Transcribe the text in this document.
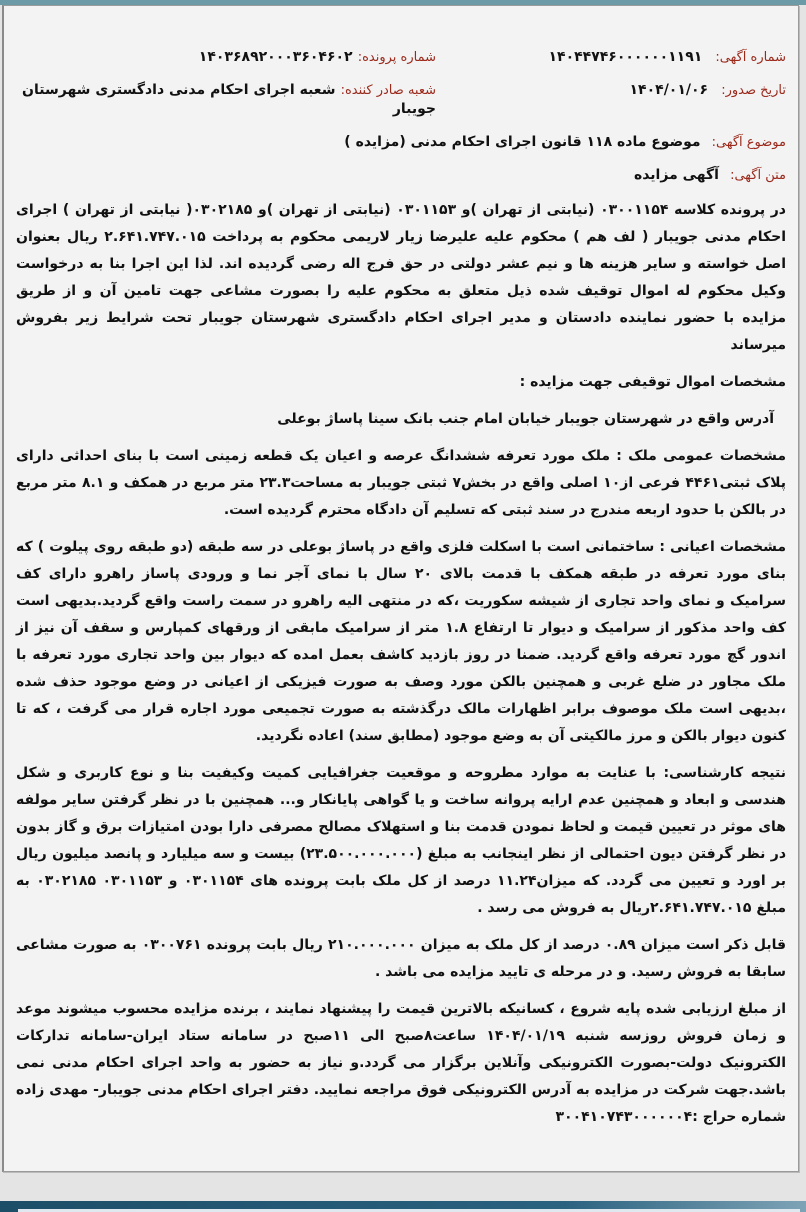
شماره آگهی: ۱۴۰۴۴۷۴۶۰۰۰۰۰۰۱۱۹۱
شماره پرونده: ۱۴۰۳۶۸۹۲۰۰۰۳۶۰۴۶۰۲
تاریخ صدور: ۱۴۰۴/۰۱/۰۶
شعبه صادر کننده: شعبه اجرای احکام مدنی دادگستری شهرستان جویبار
موضوع آگهی: موضوع ماده ۱۱۸ قانون اجرای احکام مدنی (مزایده )
متن آگهی: آگهی مزایده
در پرونده کلاسه ۰۳۰۰۱۱۵۴ (نیابتی از تهران )و ۰۳۰۱۱۵۳ (نیابتی از تهران )و ۰۳۰۲۱۸۵( نیابتی از تهران ) اجرای احکام مدنی جویبار ( لف هم ) محکوم علیه علیرضا زیار لاریمی محکوم به پرداخت ۲.۶۴۱.۷۴۷.۰۱۵ ریال بعنوان اصل خواسته و سایر هزینه ها و نیم عشر دولتی در حق فرج اله رضی گردیده اند. لذا این اجرا بنا به درخواست وکیل محکوم له اموال توقیف شده ذیل متعلق به محکوم علیه را بصورت مشاعی جهت تامین آن و از طریق مزایده با حضور نماینده دادستان و مدیر اجرای احکام دادگستری شهرستان جویبار تحت شرایط زیر بفروش میرساند
مشخصات اموال توقیفی جهت مزایده :
آدرس واقع در شهرستان جویبار خیابان امام جنب بانک سینا پاساژ بوعلی
مشخصات عمومی ملک : ملک مورد تعرفه ششدانگ عرصه و اعیان یک قطعه زمینی است با بنای احداثی دارای پلاک ثبتی۴۴۶۱ فرعی از۱۰ اصلی واقع در بخش۷ ثبتی جویبار به مساحت۲۳.۳ متر مربع در همکف و ۸.۱ متر مربع در بالکن با حدود اربعه مندرج در سند ثبتی که تسلیم آن دادگاه محترم گردیده است.
مشخصات اعیانی : ساختمانی است با اسکلت فلزی واقع در پاساژ بوعلی در سه طبقه (دو طبقه روی پیلوت ) که بنای مورد تعرفه در طبقه همکف با قدمت بالای ۲۰ سال با نمای آجر نما و ورودی پاساز راهرو دارای کف سرامیک و نمای واحد تجاری از شیشه سکوریت ،که در منتهی الیه راهرو در سمت راست واقع گردید.بدیهی است کف واحد مذکور از سرامیک و دیوار تا ارتفاع ۱.۸ متر از سرامیک مابقی از ورقهای کمپارس و سقف آن نیز از اندور گچ مورد تعرفه واقع گردید. ضمنا در روز بازدید کاشف بعمل امده که دیوار بین واحد تجاری مورد تعرفه با ملک مجاور در ضلع غربی و همچنین بالکن مورد وصف به صورت فیزیکی از اعیانی در وضع موجود حذف شده ،بدیهی است ملک موصوف برابر اظهارات مالک درگذشته به صورت تجمیعی مورد اجاره قرار می گرفت ، که تا کنون دیوار بالکن و مرز مالکیتی آن به وضع موجود (مطابق سند) اعاده نگردید.
نتیجه کارشناسی: با عنایت به موارد مطروحه و موقعیت جغرافیایی کمیت وکیفیت بنا و نوع کاربری و شکل هندسی و ابعاد و همچنین عدم ارایه پروانه ساخت و یا گواهی پایانکار و... همچنین با در نظر گرفتن سایر مولفه های موثر در تعیین قیمت و لحاظ نمودن قدمت بنا و استهلاک مصالح مصرفی دارا بودن امتیازات برق و گاز بدون در نظر گرفتن دیون احتمالی از نظر اینجانب به مبلغ (۲۳.۵۰۰.۰۰۰.۰۰۰) بیست و سه میلیارد و پانصد میلیون ریال بر اورد و تعیین می گردد. که میزان۱۱.۲۴ درصد از کل ملک بابت پرونده های ۰۳۰۱۱۵۴ و ۰۳۰۱۱۵۳ ۰۳۰۲۱۸۵ به مبلغ ۲.۶۴۱.۷۴۷.۰۱۵ریال به فروش می رسد .
قابل ذکر است میزان ۰.۸۹ درصد از کل ملک به میزان ۲۱۰.۰۰۰.۰۰۰ ریال بابت پرونده ۰۳۰۰۷۶۱ به صورت مشاعی سابقا به فروش رسید. و در مرحله ی تایید مزایده می باشد .
از مبلغ ارزیابی شده پایه شروع ، کسانیکه بالاترین قیمت را پیشنهاد نمایند ، برنده مزایده محسوب میشوند موعد و زمان فروش روزسه شنبه ۱۴۰۴/۰۱/۱۹ ساعت۸صبح الی ۱۱صبح در سامانه ستاد ایران-سامانه تدارکات الکترونیک دولت-بصورت الکترونیکی وآنلاین برگزار می گردد.و نیاز به حضور به واحد اجرای احکام مدنی نمی باشد.جهت شرکت در مزایده به آدرس الکترونیکی فوق مراجعه نمایید. دفتر اجرای احکام مدنی جویبار- مهدی زاده شماره حراج :۳۰۰۴۱۰۷۴۳۰۰۰۰۰۰۴
